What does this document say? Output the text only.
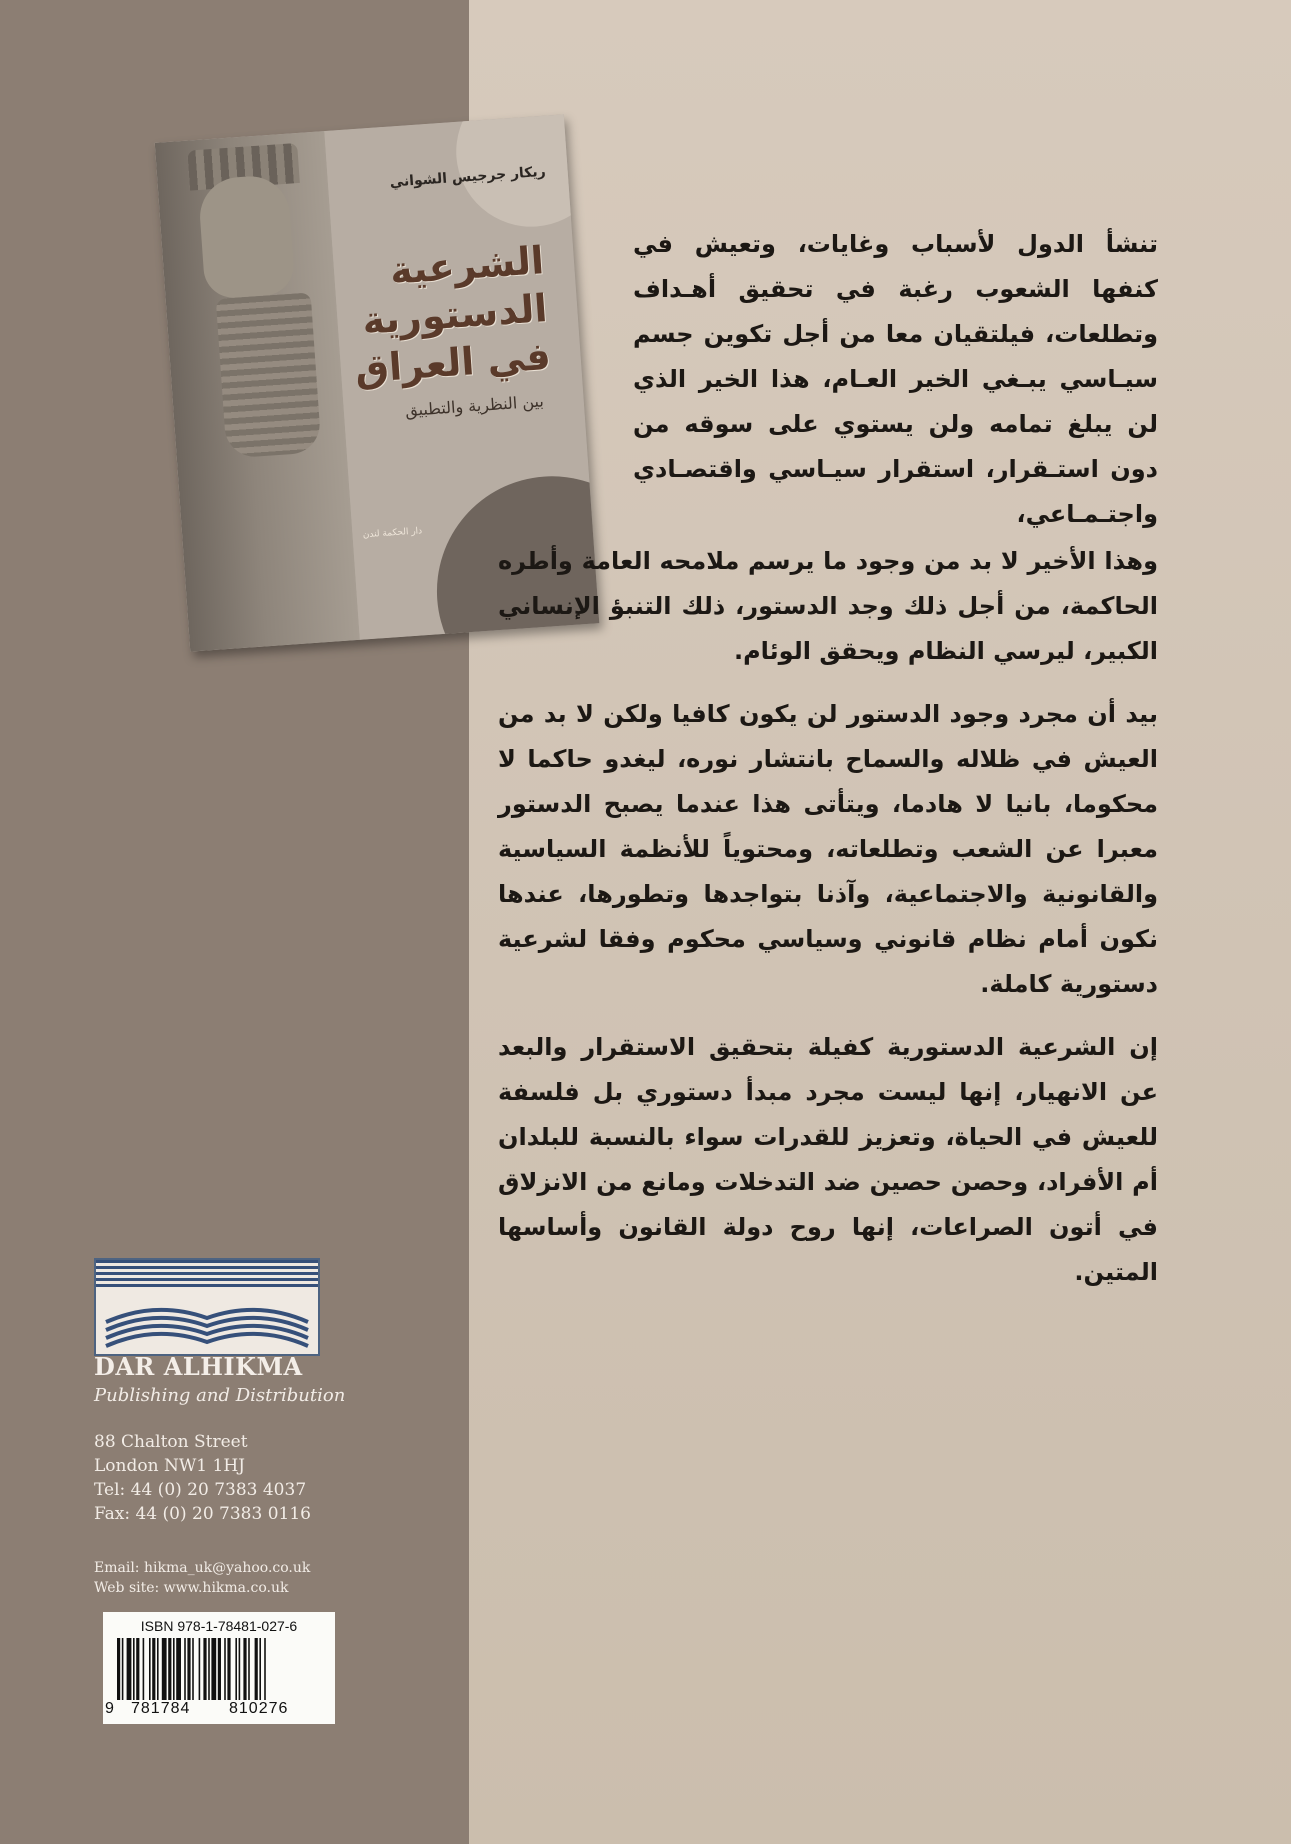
ريكار جرجيس الشواني
الشرعية
الدستورية
في العراق
بين النظرية والتطبيق
دار الحكمة لندن

تنشأ الدول لأسباب وغايات، وتعيش في كنفها الشعوب رغبة في تحقيق أهـداف وتطلعات، فيلتقيان معا من أجل تكوين جسم سيـاسي يبـغي الخير العـام، هذا الخير الذي لن يبلغ تمامه ولن يستوي على سوقه من دون استـقرار، استقرار سيـاسي واقتصـادي واجتـمـاعي،

وهذا الأخير لا بد من وجود ما يرسم ملامحه العامة وأطره الحاكمة، من أجل ذلك وجد الدستور، ذلك التنبؤ الإنساني الكبير، ليرسي النظام ويحقق الوئام.

بيد أن مجرد وجود الدستور لن يكون كافيا ولكن لا بد من العيش في ظلاله والسماح بانتشار نوره، ليغدو حاكما لا محكوما، بانيا لا هادما، ويتأتى هذا عندما يصبح الدستور معبرا عن الشعب وتطلعاته، ومحتوياً للأنظمة السياسية والقانونية والاجتماعية، وآذنا بتواجدها وتطورها، عندها نكون أمام نظام قانوني وسياسي محكوم وفقا لشرعية دستورية كاملة.

إن الشرعية الدستورية كفيلة بتحقيق الاستقرار والبعد عن الانهيار، إنها ليست مجرد مبدأ دستوري بل فلسفة للعيش في الحياة، وتعزيز للقدرات سواء بالنسبة للبلدان أم الأفراد، وحصن حصين ضد التدخلات ومانع من الانزلاق في أتون الصراعات، إنها روح دولة القانون وأساسها المتين.

DAR ALHIKMA
Publishing and Distribution
88 Chalton Street
London NW1 1HJ
Tel: 44 (0) 20 7383 4037
Fax: 44 (0) 20 7383 0116
Email: hikma_uk@yahoo.co.uk
Web site: www.hikma.co.uk
ISBN 978-1-78481-027-6
9 781784 810276
